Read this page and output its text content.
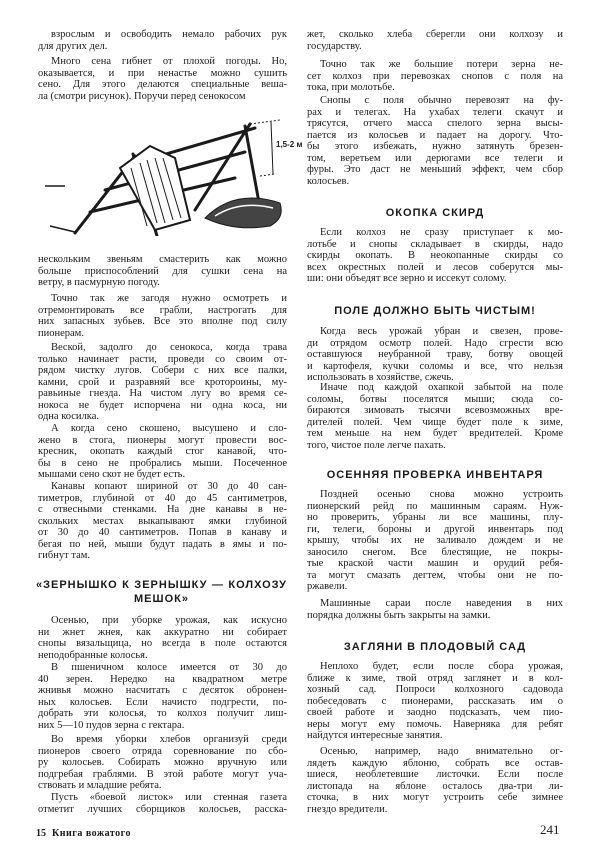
взрослым и освободить немало рабочих рук
для других дел.
Много сена гибнет от плохой погоды. Но,
оказывается, и при ненастье можно сушить
сено. Для этого делаются специальные веша-
ла (смотри рисунок). Поручи перед сенокосом
1,5-2 м
нескольким звеньям смастерить как можно
больше приспособлений для сушки сена на
ветру, в пасмурную погоду.
Точно так же загодя нужно осмотреть и
отремонтировать все грабли, настрогать для
них запасных зубьев. Все это вполне под силу
пионерам.
Веской, задолго до сенокоса, когда трава
только начинает расти, проведи со своим от-
рядом чистку лугов. Собери с них все палки,
камни, срой и разравняй все кротороины, му-
равьиные гнезда. На чистом лугу во время се-
нокоса не будет испорчена ни одна коса, ни
одна косилка.
А когда сено скошено, высушено и сло-
жено в стога, пионеры могут провести вос-
кресник, окопать каждый стог канавой, что-
бы в сено не пробрались мыши. Посеченное
мышами сено скот не будет есть.
Канавы копают шириной от 30 до 40 сан-
тиметров, глубиной от 40 до 45 сантиметров,
с отвесными стенками. На дне канавы в не-
скольких местах выкапывают ямки глубиной
от 30 до 40 сантиметров. Попав в канаву и
бегая по ней, мыши будут падать в ямы и по-
гибнут там.
«ЗЕРНЫШКО К ЗЕРНЫШКУ — КОЛХОЗУ
МЕШОК»
Осенью, при уборке урожая, как искусно
ни жнет жнея, как аккуратно ни собирает
снопы вязальщица, но всегда в поле остаются
неподобранные колосья.
В пшеничном колосе имеется от 30 до
40 зерен. Нередко на квадратном метре
жнивья можно насчитать с десяток обронен-
ных колосьев. Если начисто подгрести, по-
добрать эти колосья, то колхоз получит лиш-
них 5—10 пудов зерна с гектара.
Во время уборки хлебов организуй среди
пионеров своего отряда соревнование по сбо-
ру колосьев. Собирать можно вручную или
подгребая граблями. В этой работе могут уча-
ствовать и младшие ребята.
Пусть «боевой листок» или стенная газета
отметит лучших сборщиков колосьев, расска-
15 Книга вожатого
жет, сколько хлеба сберегли они колхозу и
государству.
Точно так же большие потери зерна не-
сет колхоз при перевозках снопов с поля на
тока, при молотьбе.
Снопы с поля обычно перевозят на фу-
рах и телегах. На ухабах телеги скачут и
трясутся, отчего масса спелого зерна высы-
пается из колосьев и падает на дорогу. Что-
бы этого избежать, нужно затянуть брезен-
том, веретьем или дерюгами все телеги и
фуры. Это даст не меньший эффект, чем сбор
колосьев.
ОКОПКА СКИРД
Если колхоз не сразу приступает к мо-
лотьбе и снопы складывает в скирды, надо
скирды окопать. В неокопанные скирды со
всех окрестных полей и лесов соберутся мы-
ши: они объедят все зерно и иссекут солому.
ПОЛЕ ДОЛЖНО БЫТЬ ЧИСТЫМ!
Когда весь урожай убран и свезен, прове-
ди отрядом осмотр полей. Надо сгрести всю
оставшуюся неубранной траву, ботву овощей
и картофеля, кучки соломы и все, что нельзя
использовать в хозяйстве, сжечь.
Иначе под каждой охапкой забытой на поле
соломы, ботвы поселятся мыши; сюда со-
бираются зимовать тысячи всевозможных вре-
дителей полей. Чем чище будет поле к зиме,
тем меньше на нем будет вредителей. Кроме
того, чистое поле легче пахать.
ОСЕННЯЯ ПРОВЕРКА ИНВЕНТАРЯ
Поздней осенью снова можно устроить
пионерский рейд по машинным сараям. Нуж-
но проверить, убраны ли все машины, плу-
ги, телеги, бороны и другой инвентарь под
крышу, чтобы их не заливало дождем и не
заносило снегом. Все блестящие, не покры-
тые краской части машин и орудий ребя-
та могут смазать дегтем, чтобы они не по-
ржавели.
Машинные сараи после наведения в них
порядка должны быть закрыты на замки.
ЗАГЛЯНИ В ПЛОДОВЫЙ САД
Неплохо будет, если после сбора урожая,
ближе к зиме, твой отряд заглянет и в кол-
хозный сад. Попроси колхозного садовода
побеседовать с пионерами, рассказать им о
своей работе и заодно подсказать, чем пио-
неры могут ему помочь. Наверняка для ребят
найдутся интересные занятия.
Осенью, например, надо внимательно ог-
лядеть каждую яблоню, собрать все остав-
шиеся, необлетевшие листочки. Если после
листопада на яблоне осталось два-три ли-
сточка, в них могут устроить себе зимнее
гнездо вредители.
241
